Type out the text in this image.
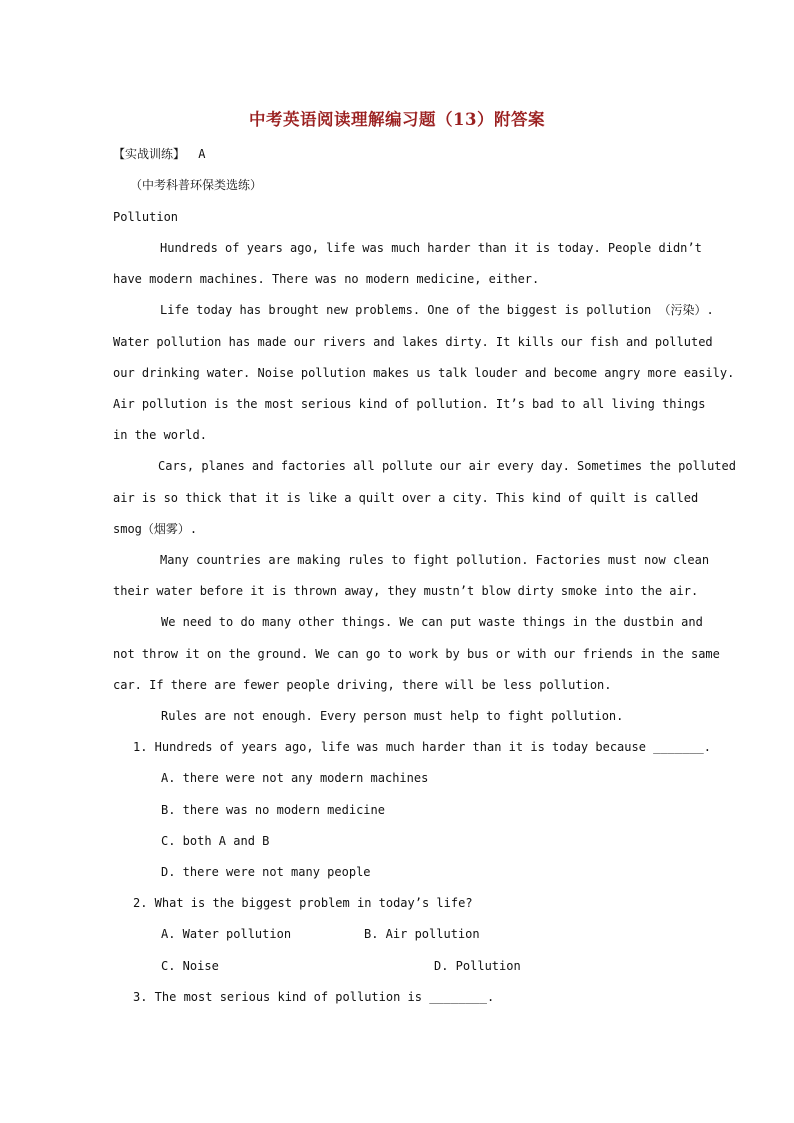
中考英语阅读理解编习题（13）附答案
【实战训练】 A
（中考科普环保类选练）
Pollution
Hundreds of years ago, life was much harder than it is today. People didn’t
have modern machines. There was no modern medicine, either.
Life today has brought new problems. One of the biggest is pollution （污染）.
Water pollution has made our rivers and lakes dirty. It kills our fish and polluted
our drinking water. Noise pollution makes us talk louder and become angry more easily.
Air pollution is the most serious kind of pollution. It’s bad to all living things
in the world.
Cars, planes and factories all pollute our air every day. Sometimes the polluted
air is so thick that it is like a quilt over a city. This kind of quilt is called
smog（烟雾）.
Many countries are making rules to fight pollution. Factories must now clean
their water before it is thrown away, they mustn’t blow dirty smoke into the air.
We need to do many other things. We can put waste things in the dustbin and
not throw it on the ground. We can go to work by bus or with our friends in the same
car. If there are fewer people driving, there will be less pollution.
Rules are not enough. Every person must help to fight pollution.
1. Hundreds of years ago, life was much harder than it is today because _______.
A. there were not any modern machines
B. there was no modern medicine
C. both A and B
D. there were not many people
2. What is the biggest problem in today’s life?
A. Water pollution	B. Air pollution
C. Noise	D. Pollution
3. The most serious kind of pollution is ________.
